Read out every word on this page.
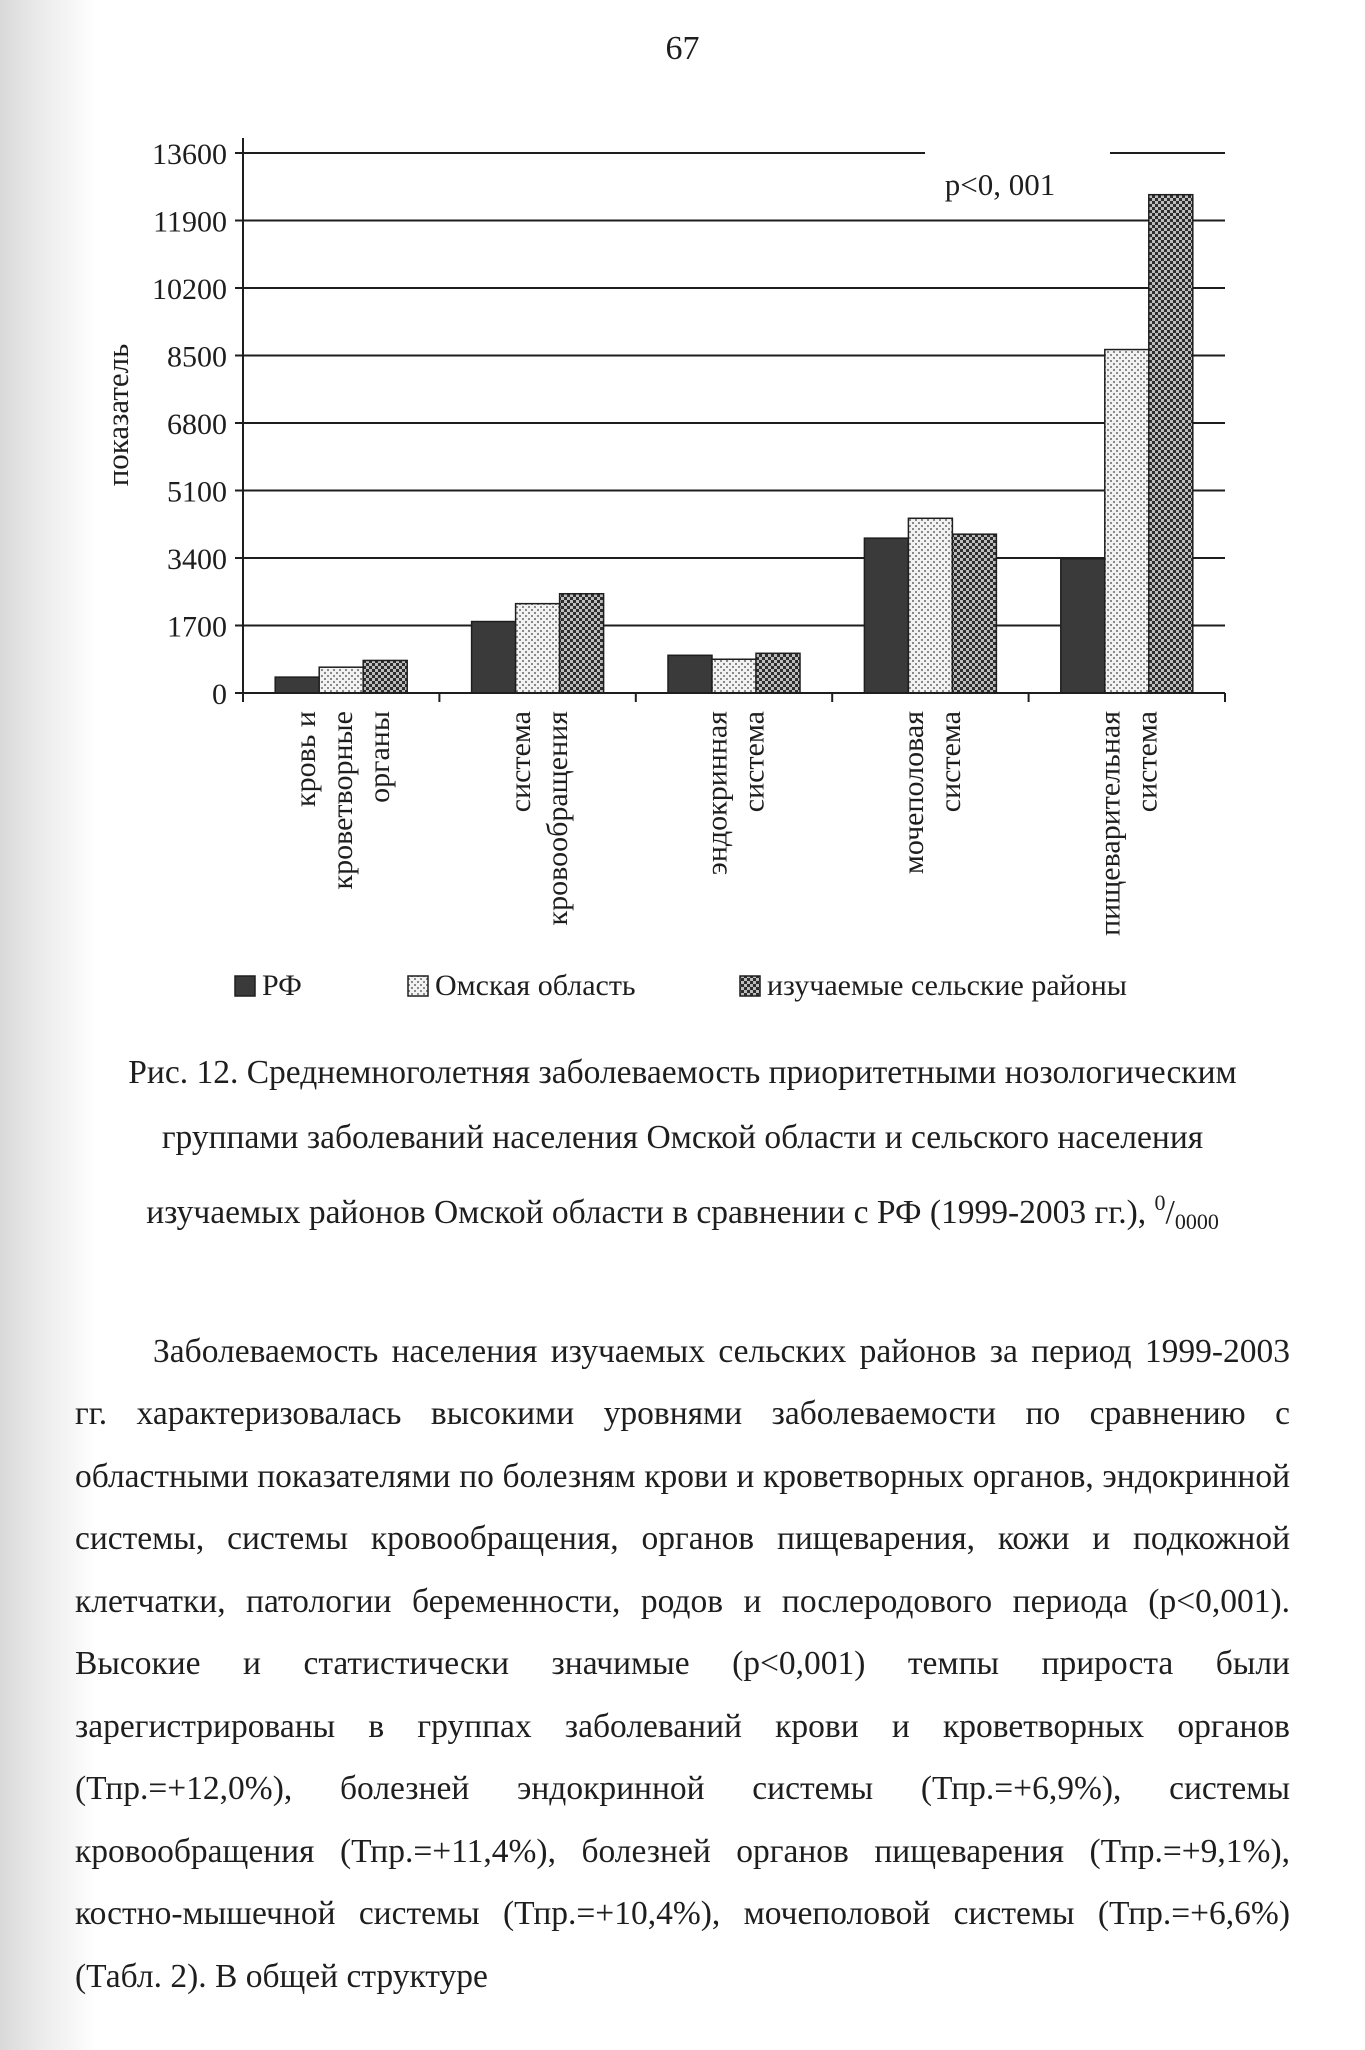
67
13600
11900
10200
8500
6800
5100
3400
1700
0
кровь и кроветворные органы	система кровообращения	эндокринная система	мочеполовая система	пищеварительная система
показатель
p<0, 001
РФ	Омская область	изучаемые сельские районы
Рис. 12. Среднемноголетняя заболеваемость приоритетными нозологическим
группами заболеваний населения Омской области и сельского населения
изучаемых районов Омской области в сравнении с РФ (1999-2003 гг.), $^0/_{0000}$

Заболеваемость населения изучаемых сельских районов за период 1999-2003 гг. характеризовалась высокими уровнями заболеваемости по сравнению с областными показателями по болезням крови и кроветворных органов, эндокринной системы, системы кровообращения, органов пищеварения, кожи и подкожной клетчатки, патологии беременности, родов и послеродового периода (р<0,001). Высокие и статистически значимые (р<0,001) темпы прироста были зарегистрированы в группах заболеваний крови и кроветворных органов (Тпр.=+12,0%), болезней эндокринной системы (Тпр.=+6,9%), системы кровообращения (Тпр.=+11,4%), болезней органов пищеварения (Тпр.=+9,1%), костно-мышечной системы (Тпр.=+10,4%), мочеполовой системы (Тпр.=+6,6%) (Табл. 2). В общей структуре
